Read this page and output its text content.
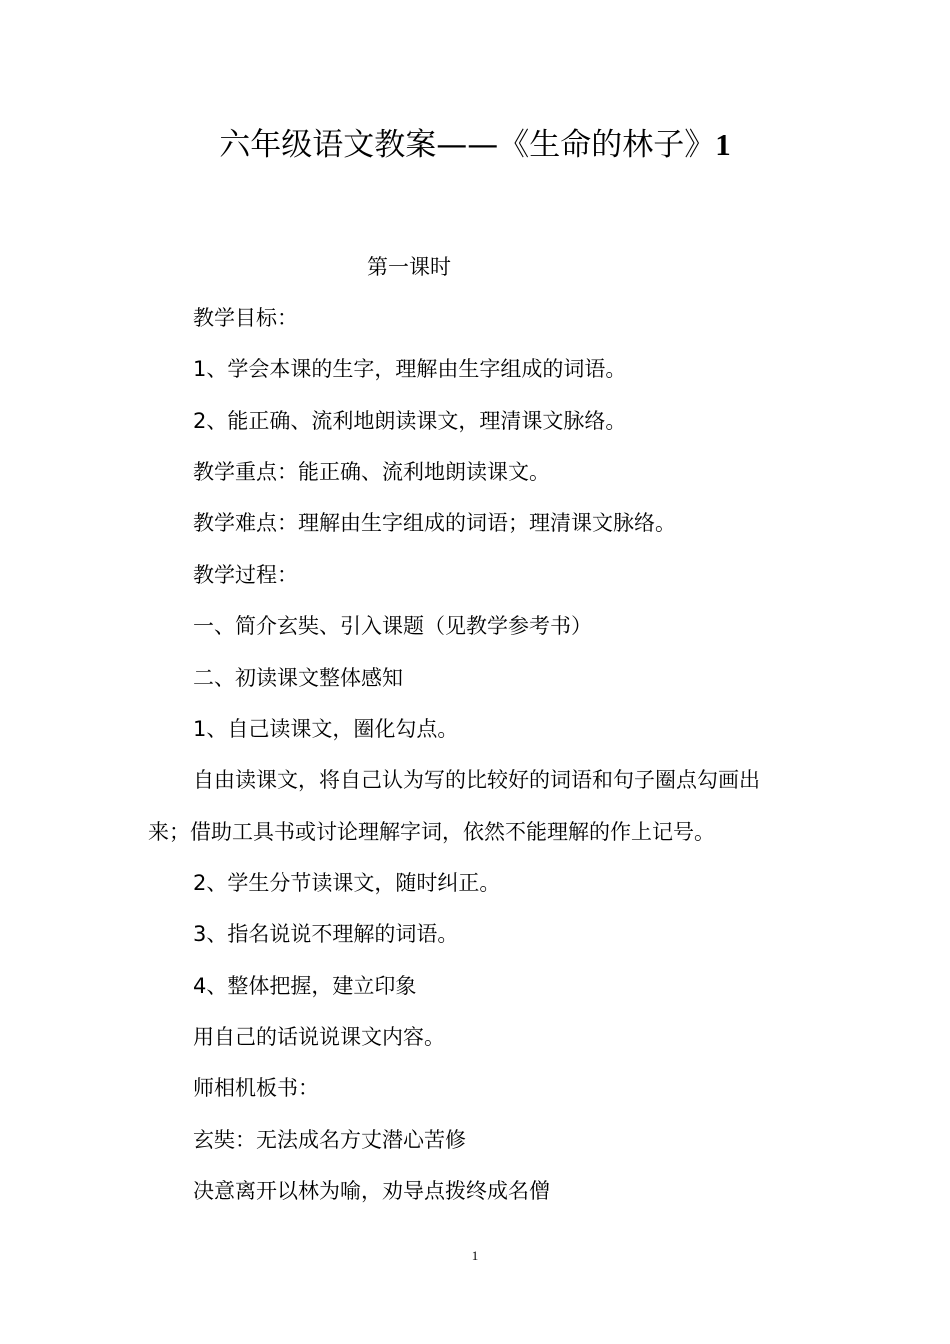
六年级语文教案——《生命的林子》1
第一课时
教学目标：
1、学会本课的生字，理解由生字组成的词语。
2、能正确、流利地朗读课文，理清课文脉络。
教学重点：能正确、流利地朗读课文。
教学难点：理解由生字组成的词语；理清课文脉络。
教学过程：
一、简介玄奘、引入课题（见教学参考书）
二、初读课文整体感知
1、自己读课文，圈化勾点。
自由读课文，将自己认为写的比较好的词语和句子圈点勾画出
来；借助工具书或讨论理解字词，依然不能理解的作上记号。
2、学生分节读课文，随时纠正。
3、指名说说不理解的词语。
4、整体把握，建立印象
用自己的话说说课文内容。
师相机板书：
玄奘：无法成名方丈潜心苦修
决意离开以林为喻，劝导点拨终成名僧
1
